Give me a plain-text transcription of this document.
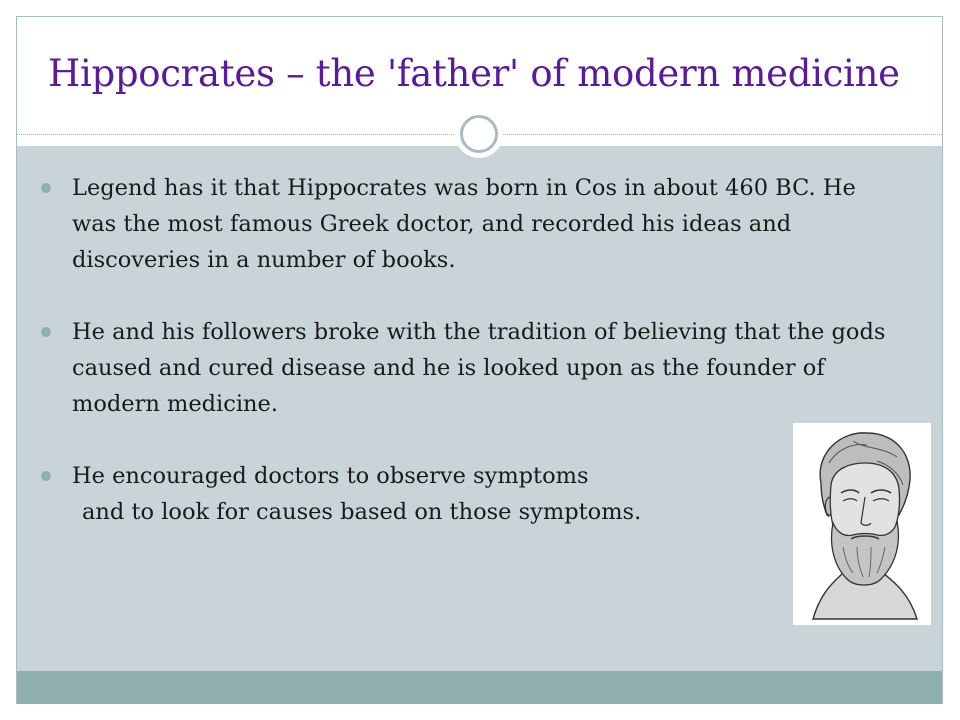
Hippocrates – the 'father' of modern medicine
Legend has it that Hippocrates was born in Cos in about 460 BC. He was the most famous Greek doctor, and recorded his ideas and discoveries in a number of books.
He and his followers broke with the tradition of believing that the gods caused and cured disease and he is looked upon as the founder of modern medicine.
He encouraged doctors to observe symptoms
and to look for causes based on those symptoms.
